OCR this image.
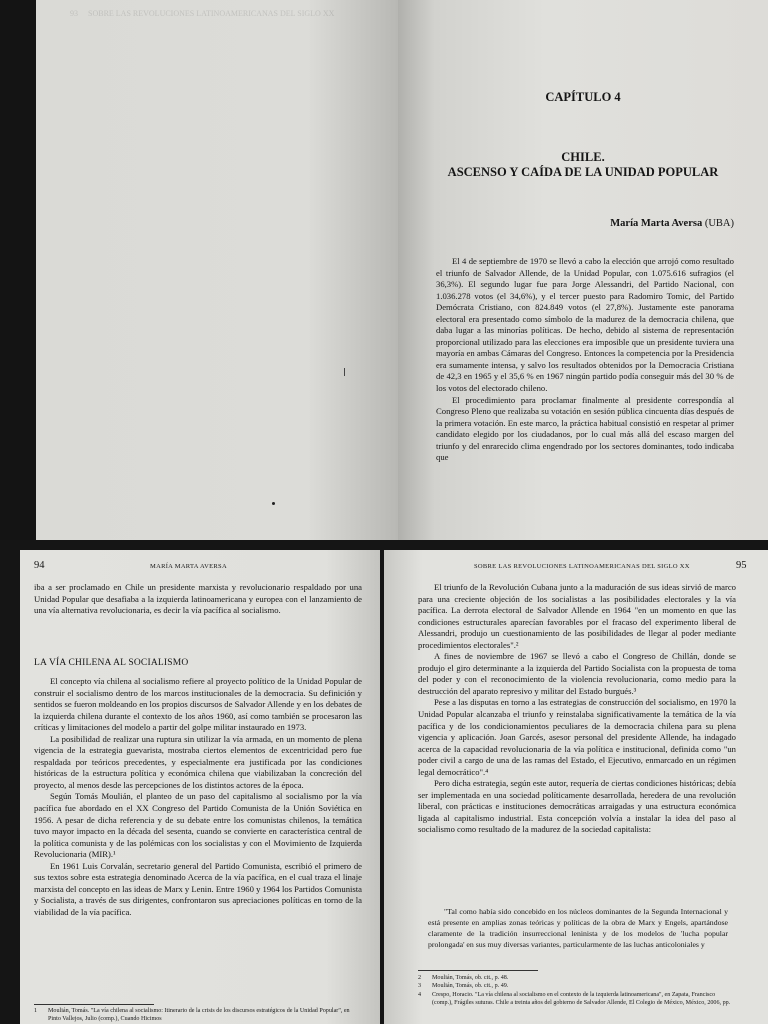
93 SOBRE LAS REVOLUCIONES LATINOAMERICANAS DEL SIGLO XX
CAPÍTULO 4
CHILE.
ASCENSO Y CAÍDA DE LA UNIDAD POPULAR
María Marta Aversa (UBA)

El 4 de septiembre de 1970 se llevó a cabo la elección que arrojó como resultado el triunfo de Salvador Allende, de la Unidad Popular, con 1.075.616 sufragios (el 36,3%). El segundo lugar fue para Jorge Alessandri, del Partido Nacional, con 1.036.278 votos (el 34,6%), y el tercer puesto para Radomiro Tomic, del Partido Demócrata Cristiano, con 824.849 votos (el 27,8%). Justamente este panorama electoral era presentado como símbolo de la madurez de la democracia chilena, que daba lugar a las minorías políticas. De hecho, debido al sistema de representación proporcional utilizado para las elecciones era imposible que un presidente tuviera una mayoría en ambas Cámaras del Congreso. Entonces la competencia por la Presidencia era sumamente intensa, y salvo los resultados obtenidos por la Democracia Cristiana de 42,3 en 1965 y el 35,6 % en 1967 ningún partido podía conseguir más del 30 % de los votos del electorado chileno.

El procedimiento para proclamar finalmente al presidente correspondía al Congreso Pleno que realizaba su votación en sesión pública cincuenta días después de la primera votación. En este marco, la práctica habitual consistió en respetar al primer candidato elegido por los ciudadanos, por lo cual más allá del escaso margen del triunfo y del enrarecido clima engendrado por los sectores dominantes, todo indicaba que

94	MARÍA MARTA AVERSA

iba a ser proclamado en Chile un presidente marxista y revolucionario respaldado por una Unidad Popular que desafiaba a la izquierda latinoamericana y europea con el lanzamiento de una vía alternativa revolucionaria, es decir la vía pacífica al socialismo.

LA VÍA CHILENA AL SOCIALISMO

El concepto vía chilena al socialismo refiere al proyecto político de la Unidad Popular de construir el socialismo dentro de los marcos institucionales de la democracia. Su definición y sentidos se fueron moldeando en los propios discursos de Salvador Allende y en los debates de la izquierda chilena durante el contexto de los años 1960, así como también se procesaron las críticas y limitaciones del modelo a partir del golpe militar instaurado en 1973.

La posibilidad de realizar una ruptura sin utilizar la vía armada, en un momento de plena vigencia de la estrategia guevarista, mostraba ciertos elementos de excentricidad pero fue respaldada por teóricos precedentes, y especialmente era justificada por las condiciones históricas de la estructura política y económica chilena que viabilizaban la concreción del proyecto, al menos desde las percepciones de los distintos actores de la época.

Según Tomás Moulián, el planteo de un paso del capitalismo al socialismo por la vía pacífica fue abordado en el XX Congreso del Partido Comunista de la Unión Soviética en 1956. A pesar de dicha referencia y de su debate entre los comunistas chilenos, la temática tuvo mayor impacto en la década del sesenta, cuando se convierte en característica central de la política comunista y de las polémicas con los socialistas y con el Movimiento de Izquierda Revolucionaria (MIR).¹

En 1961 Luis Corvalán, secretario general del Partido Comunista, escribió el primero de sus textos sobre esta estrategia denominado Acerca de la vía pacífica, en el cual traza el linaje marxista del concepto en las ideas de Marx y Lenin. Entre 1960 y 1964 los Partidos Comunista y Socialista, a través de sus dirigentes, confrontaron sus apreciaciones políticas en torno de la viabilidad de la vía pacífica.

1	Moulián, Tomás. "La vía chilena al socialismo: Itinerario de la crisis de los discursos estratégicos de la Unidad Popular", en Pinto Vallejos, Julio (comp.), Cuando Hicimos
SOBRE LAS REVOLUCIONES LATINOAMERICANAS DEL SIGLO XX	95

El triunfo de la Revolución Cubana junto a la maduración de sus ideas sirvió de marco para una creciente objeción de los socialistas a las posibilidades electorales y la vía pacífica. La derrota electoral de Salvador Allende en 1964 "en un momento en que las condiciones estructurales aparecían favorables por el fracaso del experimento liberal de Alessandri, produjo un cuestionamiento de las posibilidades de llegar al poder mediante procedimientos electorales".²

A fines de noviembre de 1967 se llevó a cabo el Congreso de Chillán, donde se produjo el giro determinante a la izquierda del Partido Socialista con la propuesta de toma del poder y con el reconocimiento de la violencia revolucionaria, como medio para la destrucción del aparato represivo y militar del Estado burgués.³

Pese a las disputas en torno a las estrategias de construcción del socialismo, en 1970 la Unidad Popular alcanzaba el triunfo y reinstalaba significativamente la temática de la vía pacífica y de los condicionamientos peculiares de la democracia chilena para su plena vigencia y aplicación. Joan Garcés, asesor personal del presidente Allende, ha indagado acerca de la capacidad revolucionaria de la vía política e institucional, definida como "un poder civil a cargo de una de las ramas del Estado, el Ejecutivo, enmarcado en un régimen legal democrático".⁴

Pero dicha estrategia, según este autor, requería de ciertas condiciones históricas; debía ser implementada en una sociedad políticamente desarrollada, heredera de una revolución liberal, con prácticas e instituciones democráticas arraigadas y una estructura económica ligada al capitalismo industrial. Esta concepción volvía a instalar la idea del paso al socialismo como resultado de la madurez de la sociedad capitalista:

"Tal como había sido concebido en los núcleos dominantes de la Segunda Internacional y está presente en amplias zonas teóricas y políticas de la obra de Marx y Engels, apartándose claramente de la tradición insurreccional leninista y de los modelos de 'lucha popular prolongada' en sus muy diversas variantes, particularmente de las luchas anticoloniales y

2	Moulián, Tomás, ob. cit., p. 48.
3	Moulián, Tomás, ob. cit., p. 49.
4	Crespo, Horacio. "La vía chilena al socialismo en el contexto de la izquierda latinoamericana", en Zapata, Francisco (comp.), Frágiles suturas. Chile a treinta años del gobierno de Salvador Allende, El Colegio de México, México, 2006, pp.
